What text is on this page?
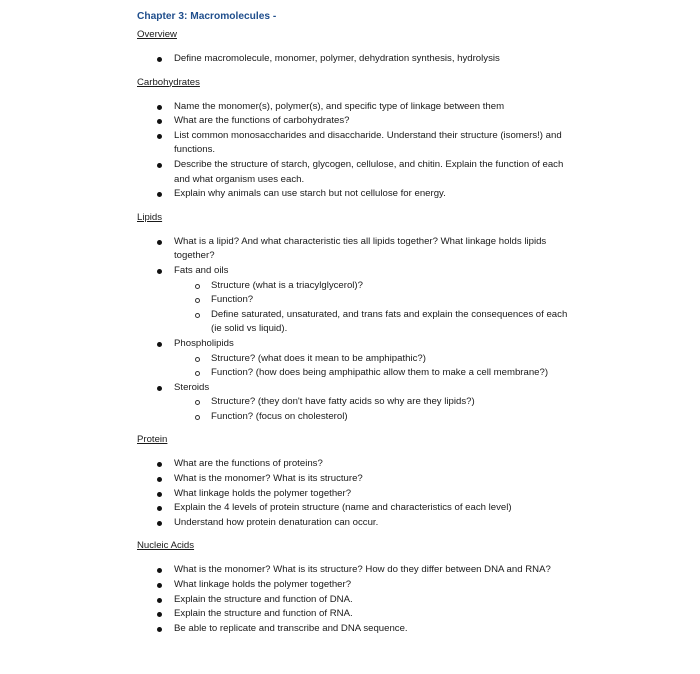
Chapter 3: Macromolecules -
Overview
Define macromolecule, monomer, polymer, dehydration synthesis, hydrolysis
Carbohydrates
Name the monomer(s), polymer(s), and specific type of linkage between them
What are the functions of carbohydrates?
List common monosaccharides and disaccharide. Understand their structure (isomers!) and functions.
Describe the structure of starch, glycogen, cellulose, and chitin. Explain the function of each and what organism uses each.
Explain why animals can use starch but not cellulose for energy.
Lipids
What is a lipid? And what characteristic ties all lipids together? What linkage holds lipids together?
Fats and oils
Structure (what is a triacylglycerol)?
Function?
Define saturated, unsaturated, and trans fats and explain the consequences of each (ie solid vs liquid).
Phospholipids
Structure? (what does it mean to be amphipathic?)
Function? (how does being amphipathic allow them to make a cell membrane?)
Steroids
Structure? (they don't have fatty acids so why are they lipids?)
Function? (focus on cholesterol)
Protein
What are the functions of proteins?
What is the monomer? What is its structure?
What linkage holds the polymer together?
Explain the 4 levels of protein structure (name and characteristics of each level)
Understand how protein denaturation can occur.
Nucleic Acids
What is the monomer? What is its structure? How do they differ between DNA and RNA?
What linkage holds the polymer together?
Explain the structure and function of DNA.
Explain the structure and function of RNA.
Be able to replicate and transcribe and DNA sequence.
